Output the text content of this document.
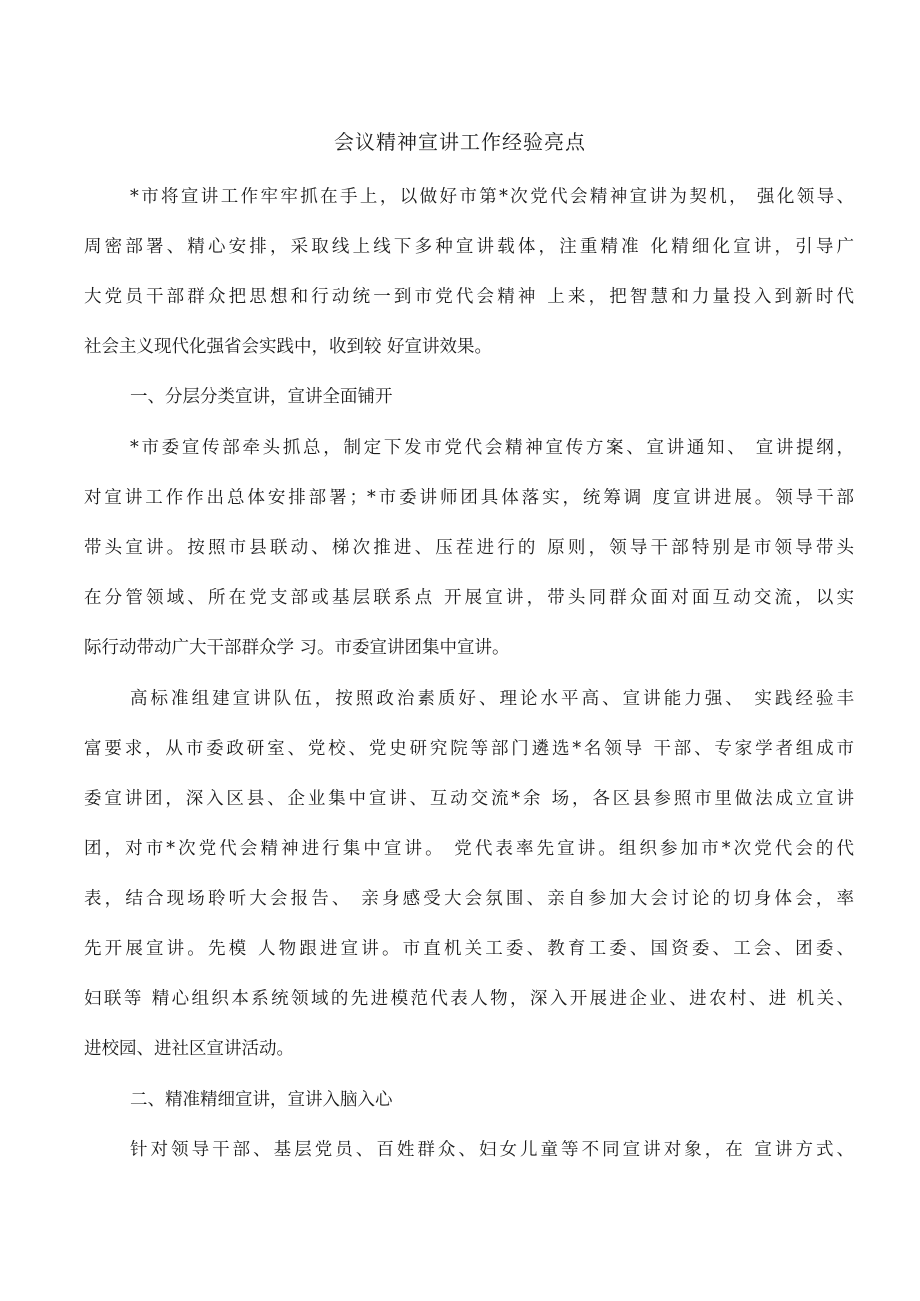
会议精神宣讲工作经验亮点
*市将宣讲工作牢牢抓在手上，以做好市第*次党代会精神宣讲为契机， 强化领导、
周密部署、精心安排，采取线上线下多种宣讲载体，注重精准 化精细化宣讲，引导广
大党员干部群众把思想和行动统一到市党代会精神 上来，把智慧和力量投入到新时代
社会主义现代化强省会实践中，收到较 好宣讲效果。
一、分层分类宣讲，宣讲全面铺开
*市委宣传部牵头抓总，制定下发市党代会精神宣传方案、宣讲通知、 宣讲提纲，
对宣讲工作作出总体安排部署；*市委讲师团具体落实，统筹调 度宣讲进展。领导干部
带头宣讲。按照市县联动、梯次推进、压茬进行的 原则，领导干部特别是市领导带头
在分管领域、所在党支部或基层联系点 开展宣讲，带头同群众面对面互动交流，以实
际行动带动广大干部群众学 习。市委宣讲团集中宣讲。
高标准组建宣讲队伍，按照政治素质好、理论水平高、宣讲能力强、 实践经验丰
富要求，从市委政研室、党校、党史研究院等部门遴选*名领导 干部、专家学者组成市
委宣讲团，深入区县、企业集中宣讲、互动交流*余 场，各区县参照市里做法成立宣讲
团，对市*次党代会精神进行集中宣讲。 党代表率先宣讲。组织参加市*次党代会的代
表，结合现场聆听大会报告、 亲身感受大会氛围、亲自参加大会讨论的切身体会，率
先开展宣讲。先模 人物跟进宣讲。市直机关工委、教育工委、国资委、工会、团委、
妇联等 精心组织本系统领域的先进模范代表人物，深入开展进企业、进农村、进 机关、
进校园、进社区宣讲活动。
二、精准精细宣讲，宣讲入脑入心
针对领导干部、基层党员、百姓群众、妇女儿童等不同宣讲对象，在 宣讲方式、
